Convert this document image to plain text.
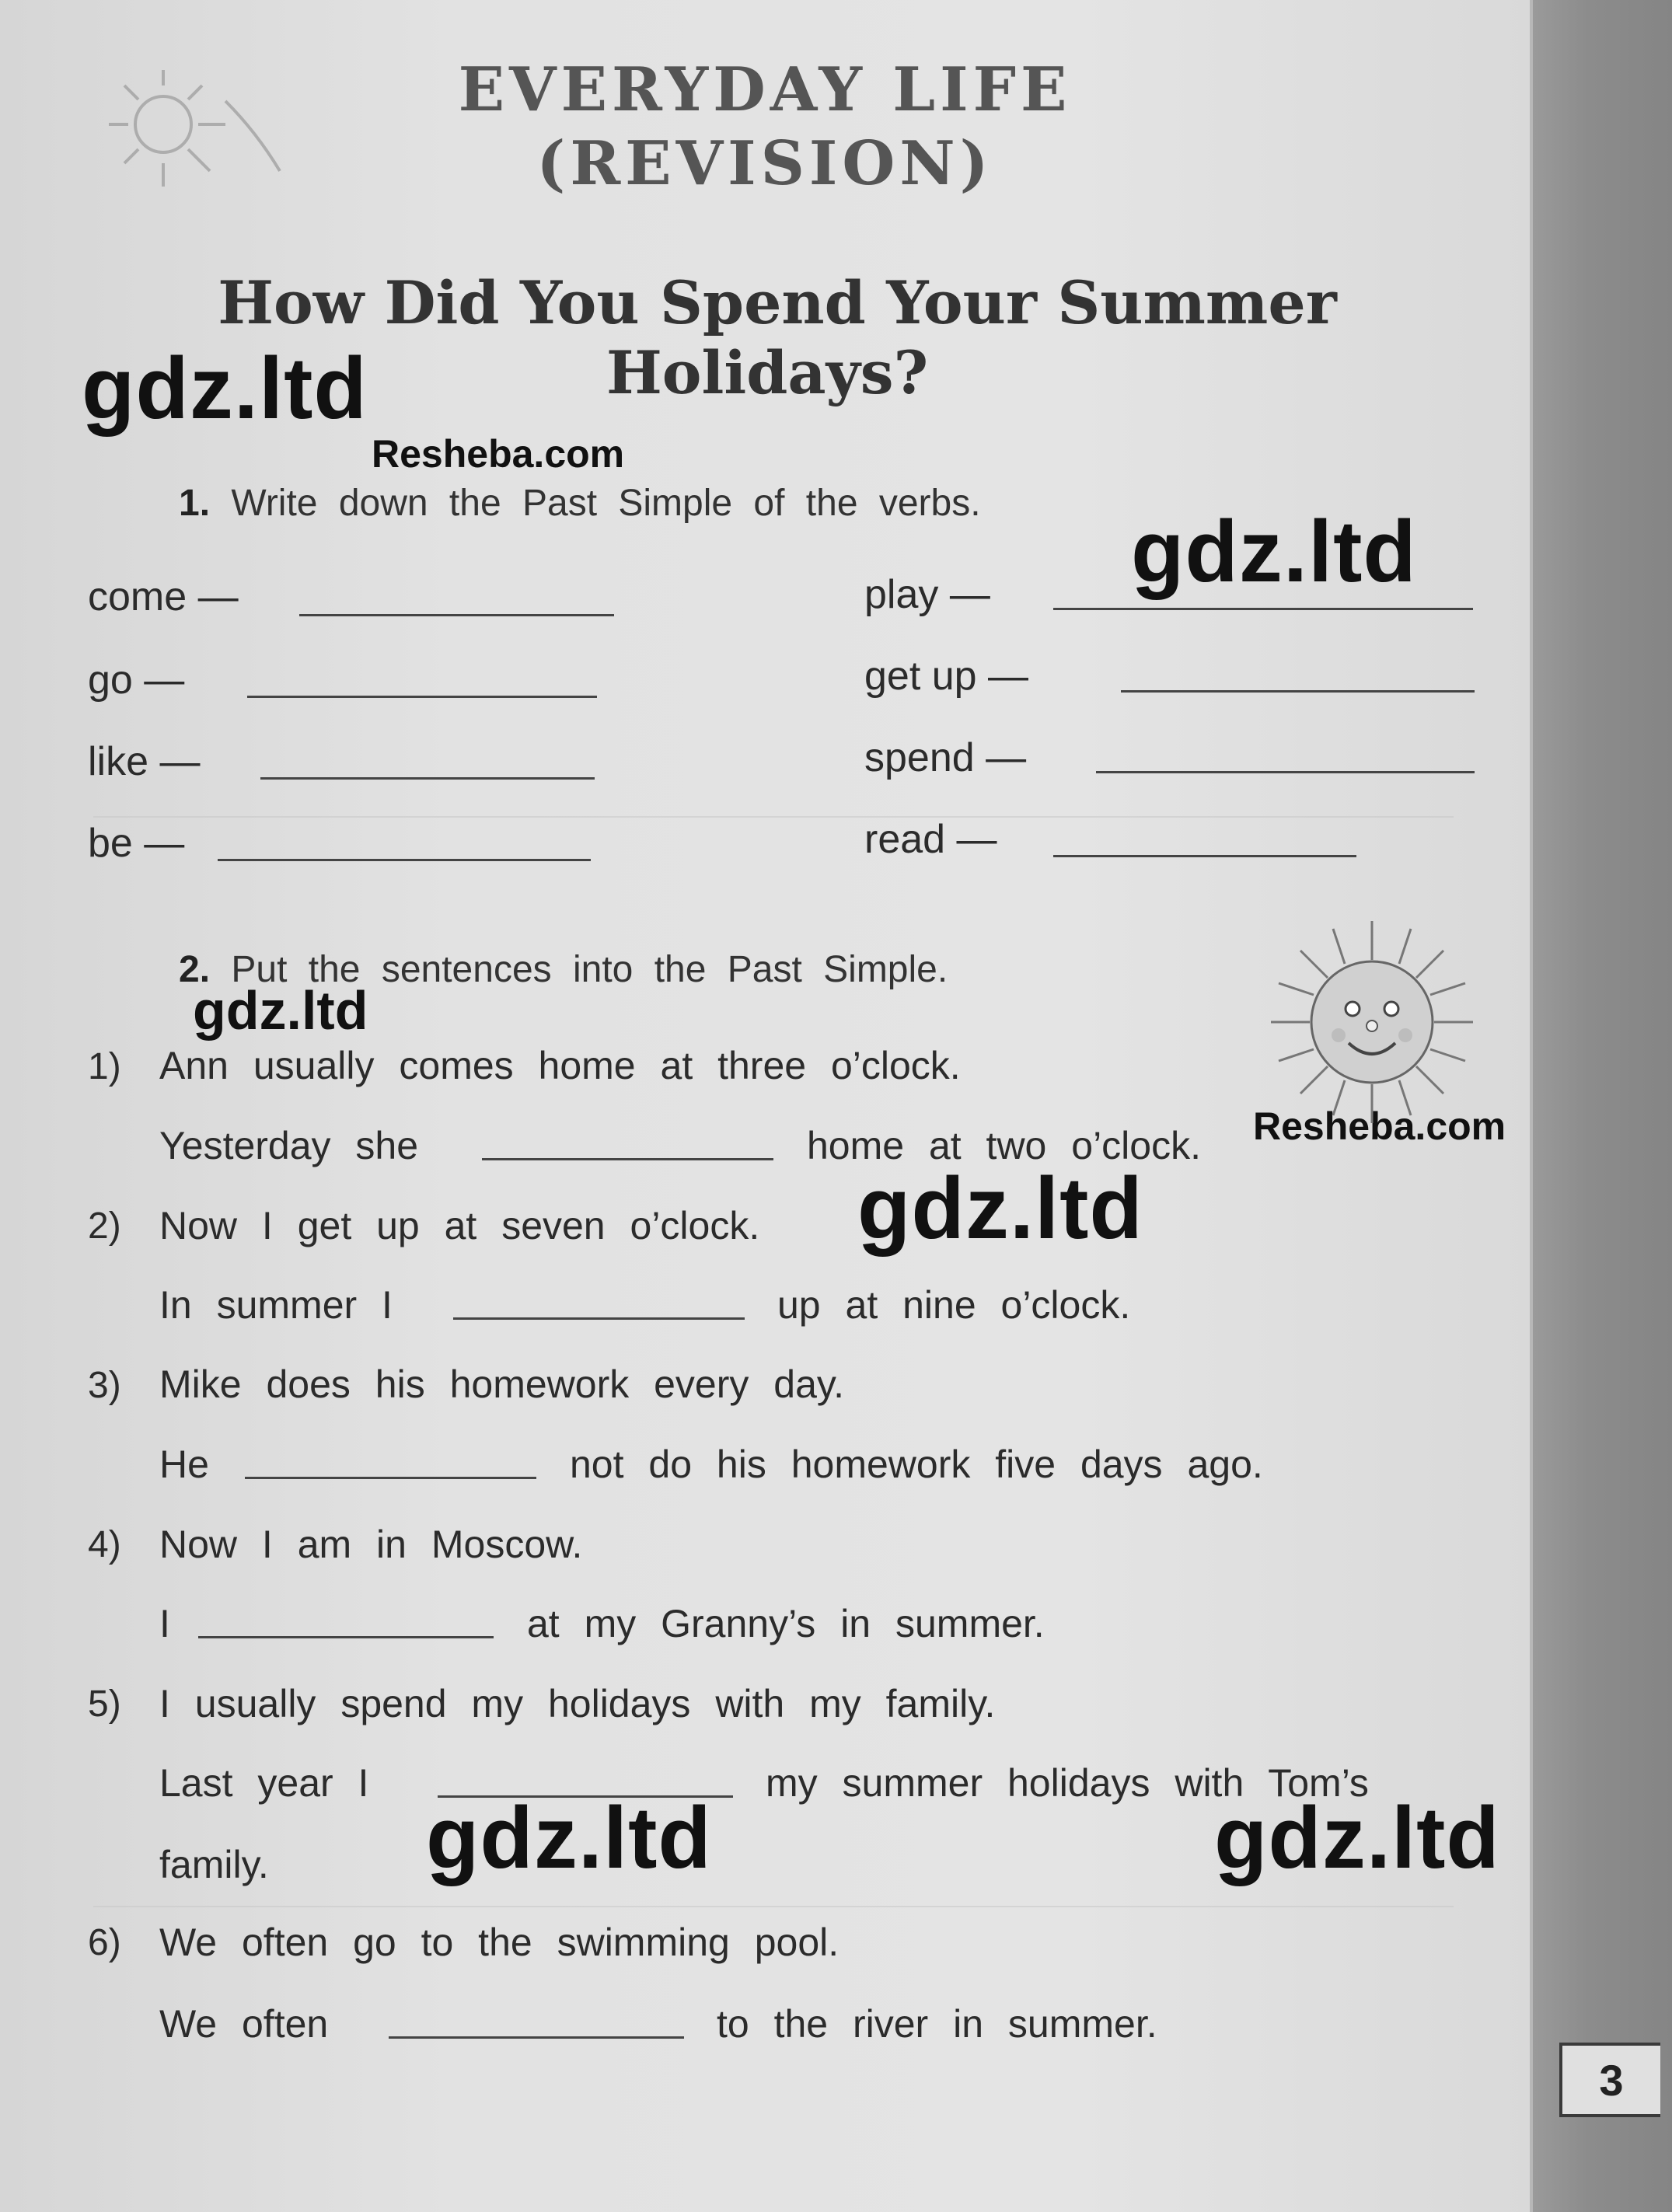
3
EVERYDAY LIFE
(REVISION)
How Did You Spend Your Summer
Holidays?
gdz.ltd
Resheba.com
gdz.ltd
gdz.ltd
Resheba.com
gdz.ltd
gdz.ltd	gdz.ltd
1. Write down the Past Simple of the verbs.
come —
go —
like —
be —
play —
get up —
spend —
read —
2. Put the sentences into the Past Simple.
1) Ann usually comes home at three o’clock.
Yesterday she	home at two o’clock.
2) Now I get up at seven o’clock.
In summer I	up at nine o’clock.
3) Mike does his homework every day.
He	not do his homework five days ago.
4) Now I am in Moscow.
I	at my Granny’s in summer.
5) I usually spend my holidays with my family.
Last year I	my summer holidays with Tom’s
family.
6) We often go to the swimming pool.
We often	to the river in summer.
